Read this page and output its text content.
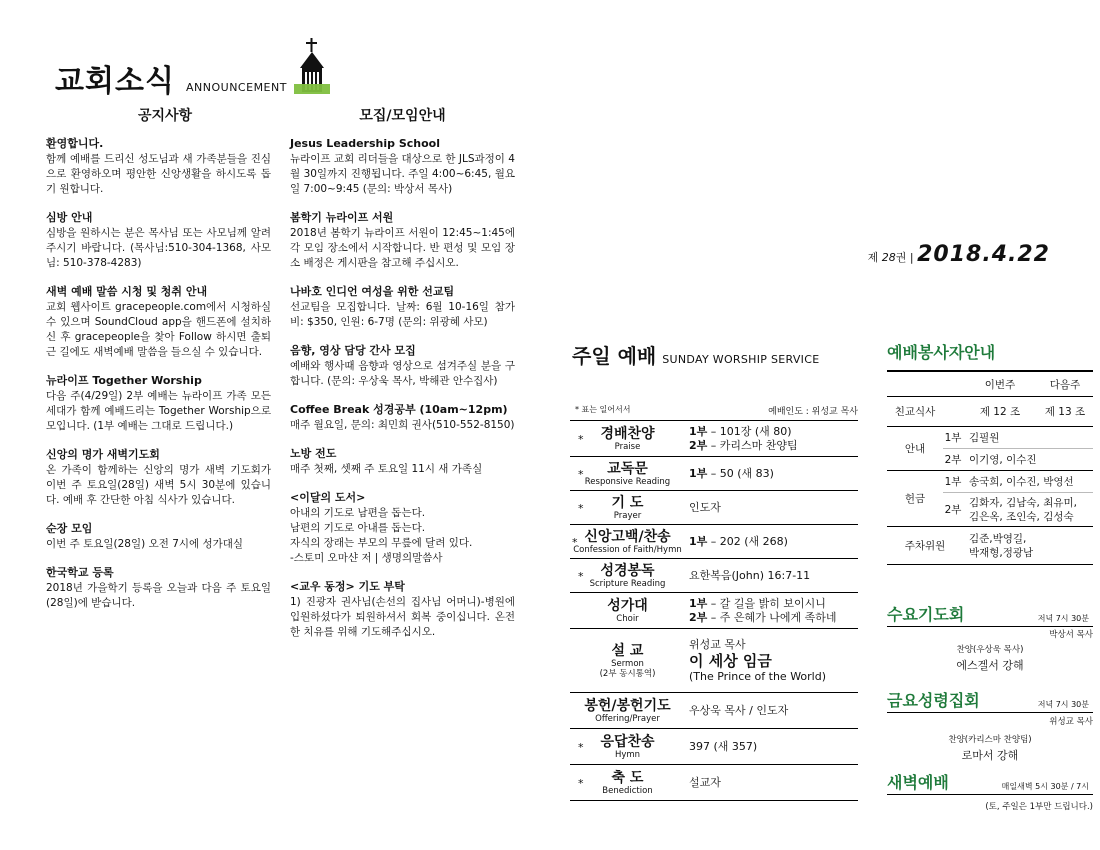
교회소식 $^{ANNOUNCEMENT}$
공지사항	모집/모임안내
환영합니다.

함께 예배를 드리신 성도님과 새 가족분들을 진심으로 환영하오며 평안한 신앙생활을 하시도록 돕기 원합니다.

심방 안내

심방을 원하시는 분은 목사님 또는 사모님께 알려 주시기 바랍니다. (목사님:510-304-1368, 사모님: 510-378-4283)

새벽 예배 말씀 시청 및 청취 안내

교회 웹사이트 gracepeople.com에서 시청하실 수 있으며 SoundCloud app을 핸드폰에 설치하신 후 gracepeople을 찾아 Follow 하시면 출퇴근 길에도 새벽예배 말씀을 들으실 수 있습니다.

뉴라이프 Together Worship

다음 주(4/29일) 2부 예배는 뉴라이프 가족 모든 세대가 함께 예배드리는 Together Worship으로 모입니다. (1부 예배는 그대로 드립니다.)

신앙의 명가 새벽기도회

온 가족이 함께하는 신앙의 명가 새벽 기도회가 이번 주 토요일(28일) 새벽 5시 30분에 있습니다. 예배 후 간단한 아침 식사가 있습니다.

순장 모임

이번 주 토요일(28일) 오전 7시에 성가대실

한국학교 등록

2018년 가을학기 등록을 오늘과 다음 주 토요일(28일)에 받습니다.

Jesus Leadership School

뉴라이프 교회 리더들을 대상으로 한 JLS과정이 4월 30일까지 진행됩니다. 주일 4:00~6:45, 월요일 7:00~9:45 (문의: 박상서 목사)

봄학기 뉴라이프 서원

2018년 봄학기 뉴라이프 서원이 12:45~1:45에 각 모임 장소에서 시작합니다. 반 편성 및 모임 장소 배정은 게시판을 참고해 주십시오.

나바호 인디언 여성을 위한 선교팀

선교팀을 모집합니다. 날짜: 6월 10-16일 참가비: $350, 인원: 6-7명 (문의: 위광혜 사모)

음향, 영상 담당 간사 모집

예배와 행사때 음향과 영상으로 섬겨주실 분을 구합니다. (문의: 우상욱 목사, 박해관 안수집사)

Coffee Break 성경공부 (10am~12pm)

매주 월요일, 문의: 최민희 권사(510-552-8150)

노방 전도

매주 첫째, 셋째 주 토요일 11시 새 가족실

<이달의 도서>

아내의 기도로 남편을 돕는다.
남편의 기도로 아내를 돕는다.
자식의 장래는 부모의 무릎에 달려 있다.
-스토미 오마샨 저 | 생명의말씀사

<교우 동정> 기도 부탁

1) 진광자 권사님(손선의 집사님 어머니)-병원에 입원하셨다가 퇴원하셔서 회복 중이십니다. 온전한 치유를 위해 기도해주십시오.

제 28권 | 2018.4.22
주일 예배 SUNDAY WORSHIP SERVICE
* 표는 일어서서	예배인도 : 위성교 목사
* 경배찬양
Praise	1부 – 101장 (새 80)
2부 – 카리스마 찬양팀

* 교독문
Responsive Reading	1부 – 50 (새 83)

* 기 도
Prayer	인도자

* 신앙고백/찬송
Confession of Faith/Hymn	1부 – 202 (새 268)

* 성경봉독
Scripture Reading	요한복음(John) 16:7-11

성가대
Choir	1부 – 갈 길을 밝히 보이시니
2부 – 주 은혜가 나에게 족하네

설 교
Sermon
(2부 동시통역)	위성교 목사
이 세상 임금
(The Prince of the World)

봉헌/봉헌기도
Offering/Prayer	우상욱 목사 / 인도자

* 응답찬송
Hymn	397 (새 357)

* 축 도
Benediction	설교자
예배봉사자안내
		이번주	다음주
친교식사		제 12 조	제 13 조
안내	1부	김필원	
	2부	이기영, 이수진	
헌금	1부	송국희, 이수진, 박영선	
	2부	김화자, 김남숙, 최유미,
김은옥, 조인숙, 김성숙	
주차위원		김준,박영길,
박재형,정광남	
수요기도회	저녁 7시 30분
박상서 목사
찬양(우상욱 목사)
에스겔서 강해
금요성령집회	저녁 7시 30분
위성교 목사
찬양(카리스마 찬양팀)
로마서 강해
새벽예배	매일새벽 5시 30분 / 7시
(토, 주일은 1부만 드립니다.)
